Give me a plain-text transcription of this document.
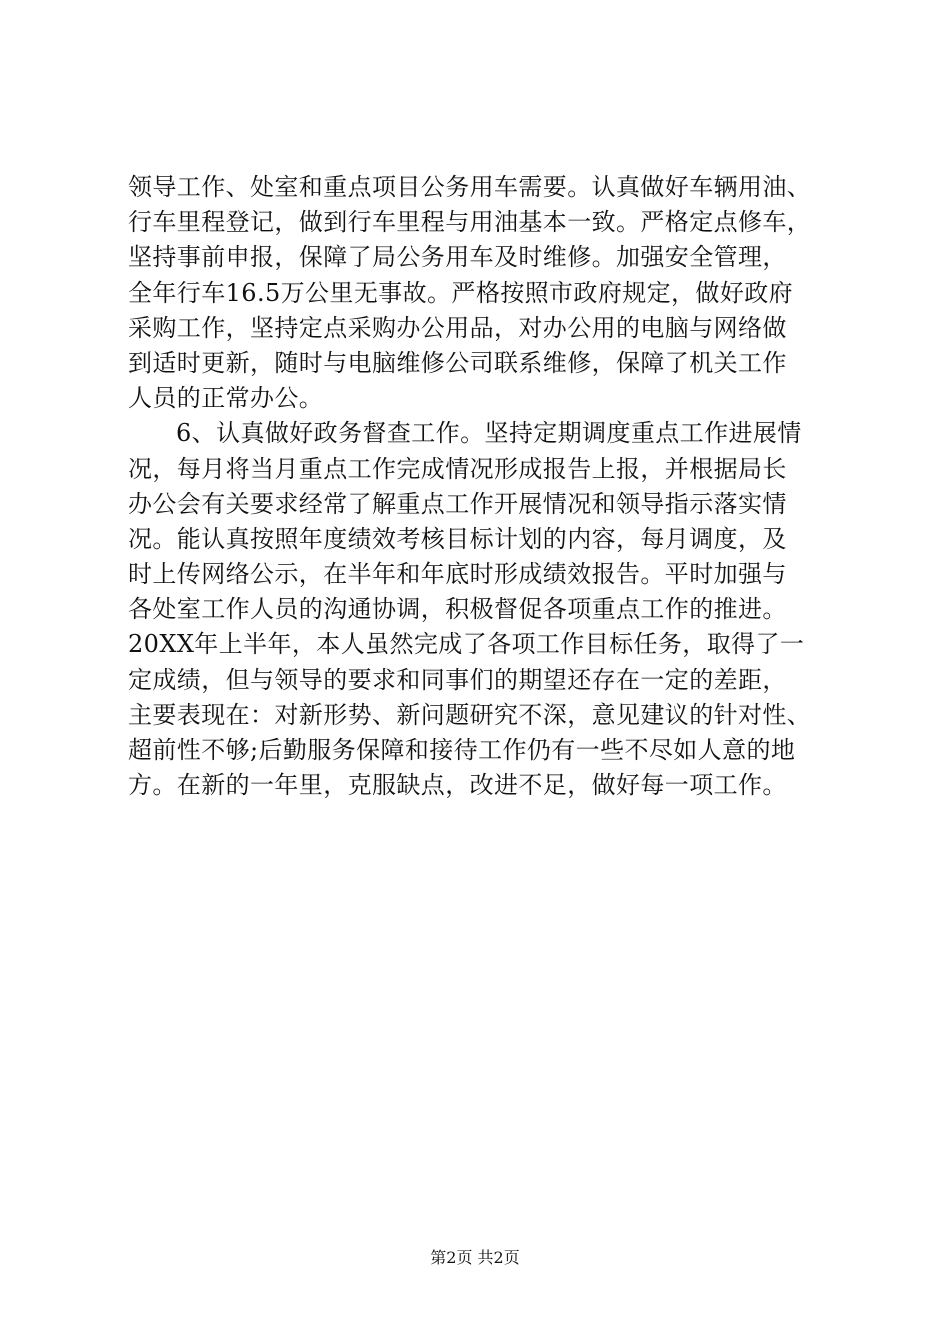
领导工作、处室和重点项目公务用车需要。认真做好车辆用油、
行车里程登记，做到行车里程与用油基本一致。严格定点修车，
坚持事前申报，保障了局公务用车及时维修。加强安全管理，
全年行车16.5万公里无事故。严格按照市政府规定，做好政府
采购工作，坚持定点采购办公用品，对办公用的电脑与网络做
到适时更新，随时与电脑维修公司联系维修，保障了机关工作
人员的正常办公。
6、认真做好政务督查工作。坚持定期调度重点工作进展情
况，每月将当月重点工作完成情况形成报告上报，并根据局长
办公会有关要求经常了解重点工作开展情况和领导指示落实情
况。能认真按照年度绩效考核目标计划的内容，每月调度，及
时上传网络公示，在半年和年底时形成绩效报告。平时加强与
各处室工作人员的沟通协调，积极督促各项重点工作的推进。
20XX年上半年，本人虽然完成了各项工作目标任务，取得了一
定成绩，但与领导的要求和同事们的期望还存在一定的差距，
主要表现在：对新形势、新问题研究不深，意见建议的针对性、
超前性不够;后勤服务保障和接待工作仍有一些不尽如人意的地
方。在新的一年里，克服缺点，改进不足，做好每一项工作。
第2页 共2页
